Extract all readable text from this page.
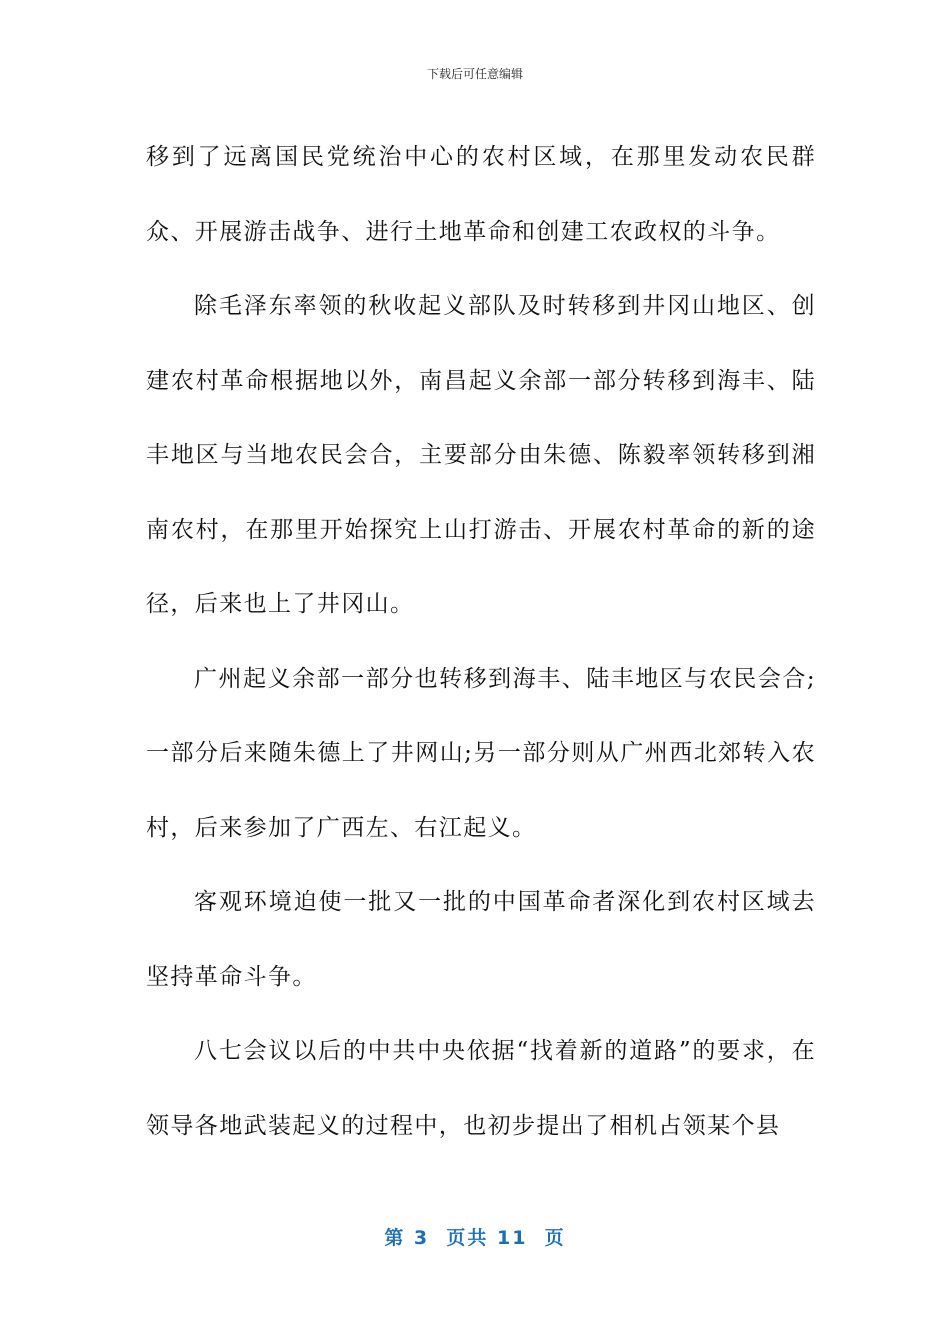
下载后可任意编辑

移到了远离国民党统治中心的农村区域，在那里发动农民群众、开展游击战争、进行土地革命和创建工农政权的斗争。

除毛泽东率领的秋收起义部队及时转移到井冈山地区、创建农村革命根据地以外，南昌起义余部一部分转移到海丰、陆丰地区与当地农民会合，主要部分由朱德、陈毅率领转移到湘南农村，在那里开始探究上山打游击、开展农村革命的新的途径，后来也上了井冈山。

广州起义余部一部分也转移到海丰、陆丰地区与农民会合;一部分后来随朱德上了井网山;另一部分则从广州西北郊转入农村，后来参加了广西左、右江起义。

客观环境迫使一批又一批的中国革命者深化到农村区域去坚持革命斗争。

八七会议以后的中共中央依据“找着新的道路”的要求，在领导各地武装起义的过程中，也初步提出了相机占领某个县

第 3  页共 11  页
